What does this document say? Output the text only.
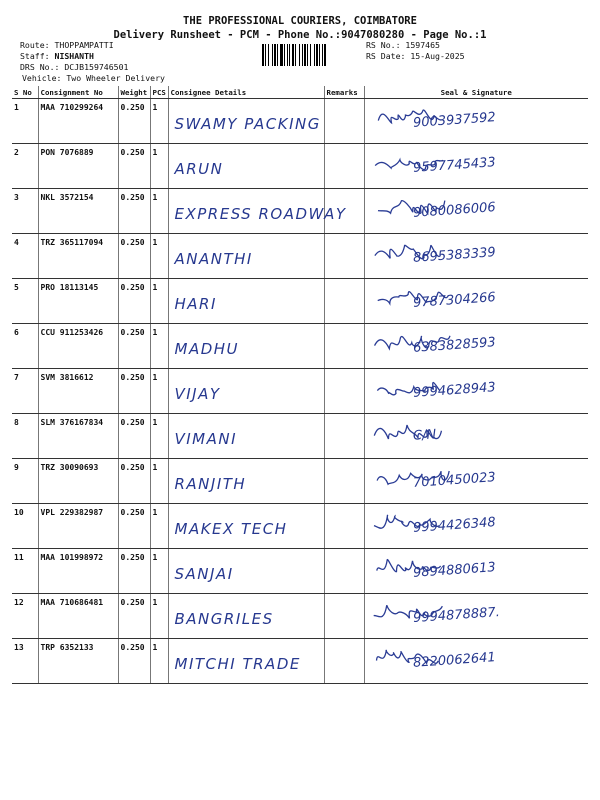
THE PROFESSIONAL COURIERS, COIMBATORE
Delivery Runsheet - PCM - Phone No.:9047080280 - Page No.:1
Route: THOPPAMPATTI
Staff: NISHANTH
DRS No.: DCJB159746501
Vehicle: Two Wheeler Delivery
RS No.: 1597465
RS Date: 15-Aug-2025
S No	Consignment No	Weight	PCS	Consignee Details	Remarks	Seal & Signature
1	MAA 710299264	0.250	1	SWAMY PACKING		9003937592

2	PON 7076889	0.250	1	ARUN		9597745433

3	NKL 3572154	0.250	1	EXPRESS ROADWAY		9080086006

4	TRZ 365117094	0.250	1	ANANTHI		8695383339

5	PRO 18113145	0.250	1	HARI		9787304266

6	CCU 911253426	0.250	1	MADHU		6383828593

7	SVM 3816612	0.250	1	VIJAY		9994628943

8	SLM 376167834	0.250	1	VIMANI		C/N

9	TRZ 30090693	0.250	1	RANJITH		7010450023

10	VPL 229382987	0.250	1	MAKEX TECH		9994426348

11	MAA 101998972	0.250	1	SANJAI		9894880613

12	MAA 710686481	0.250	1	BANGRILES		9994878887.

13	TRP 6352133	0.250	1	MITCHI TRADE		8220062641
